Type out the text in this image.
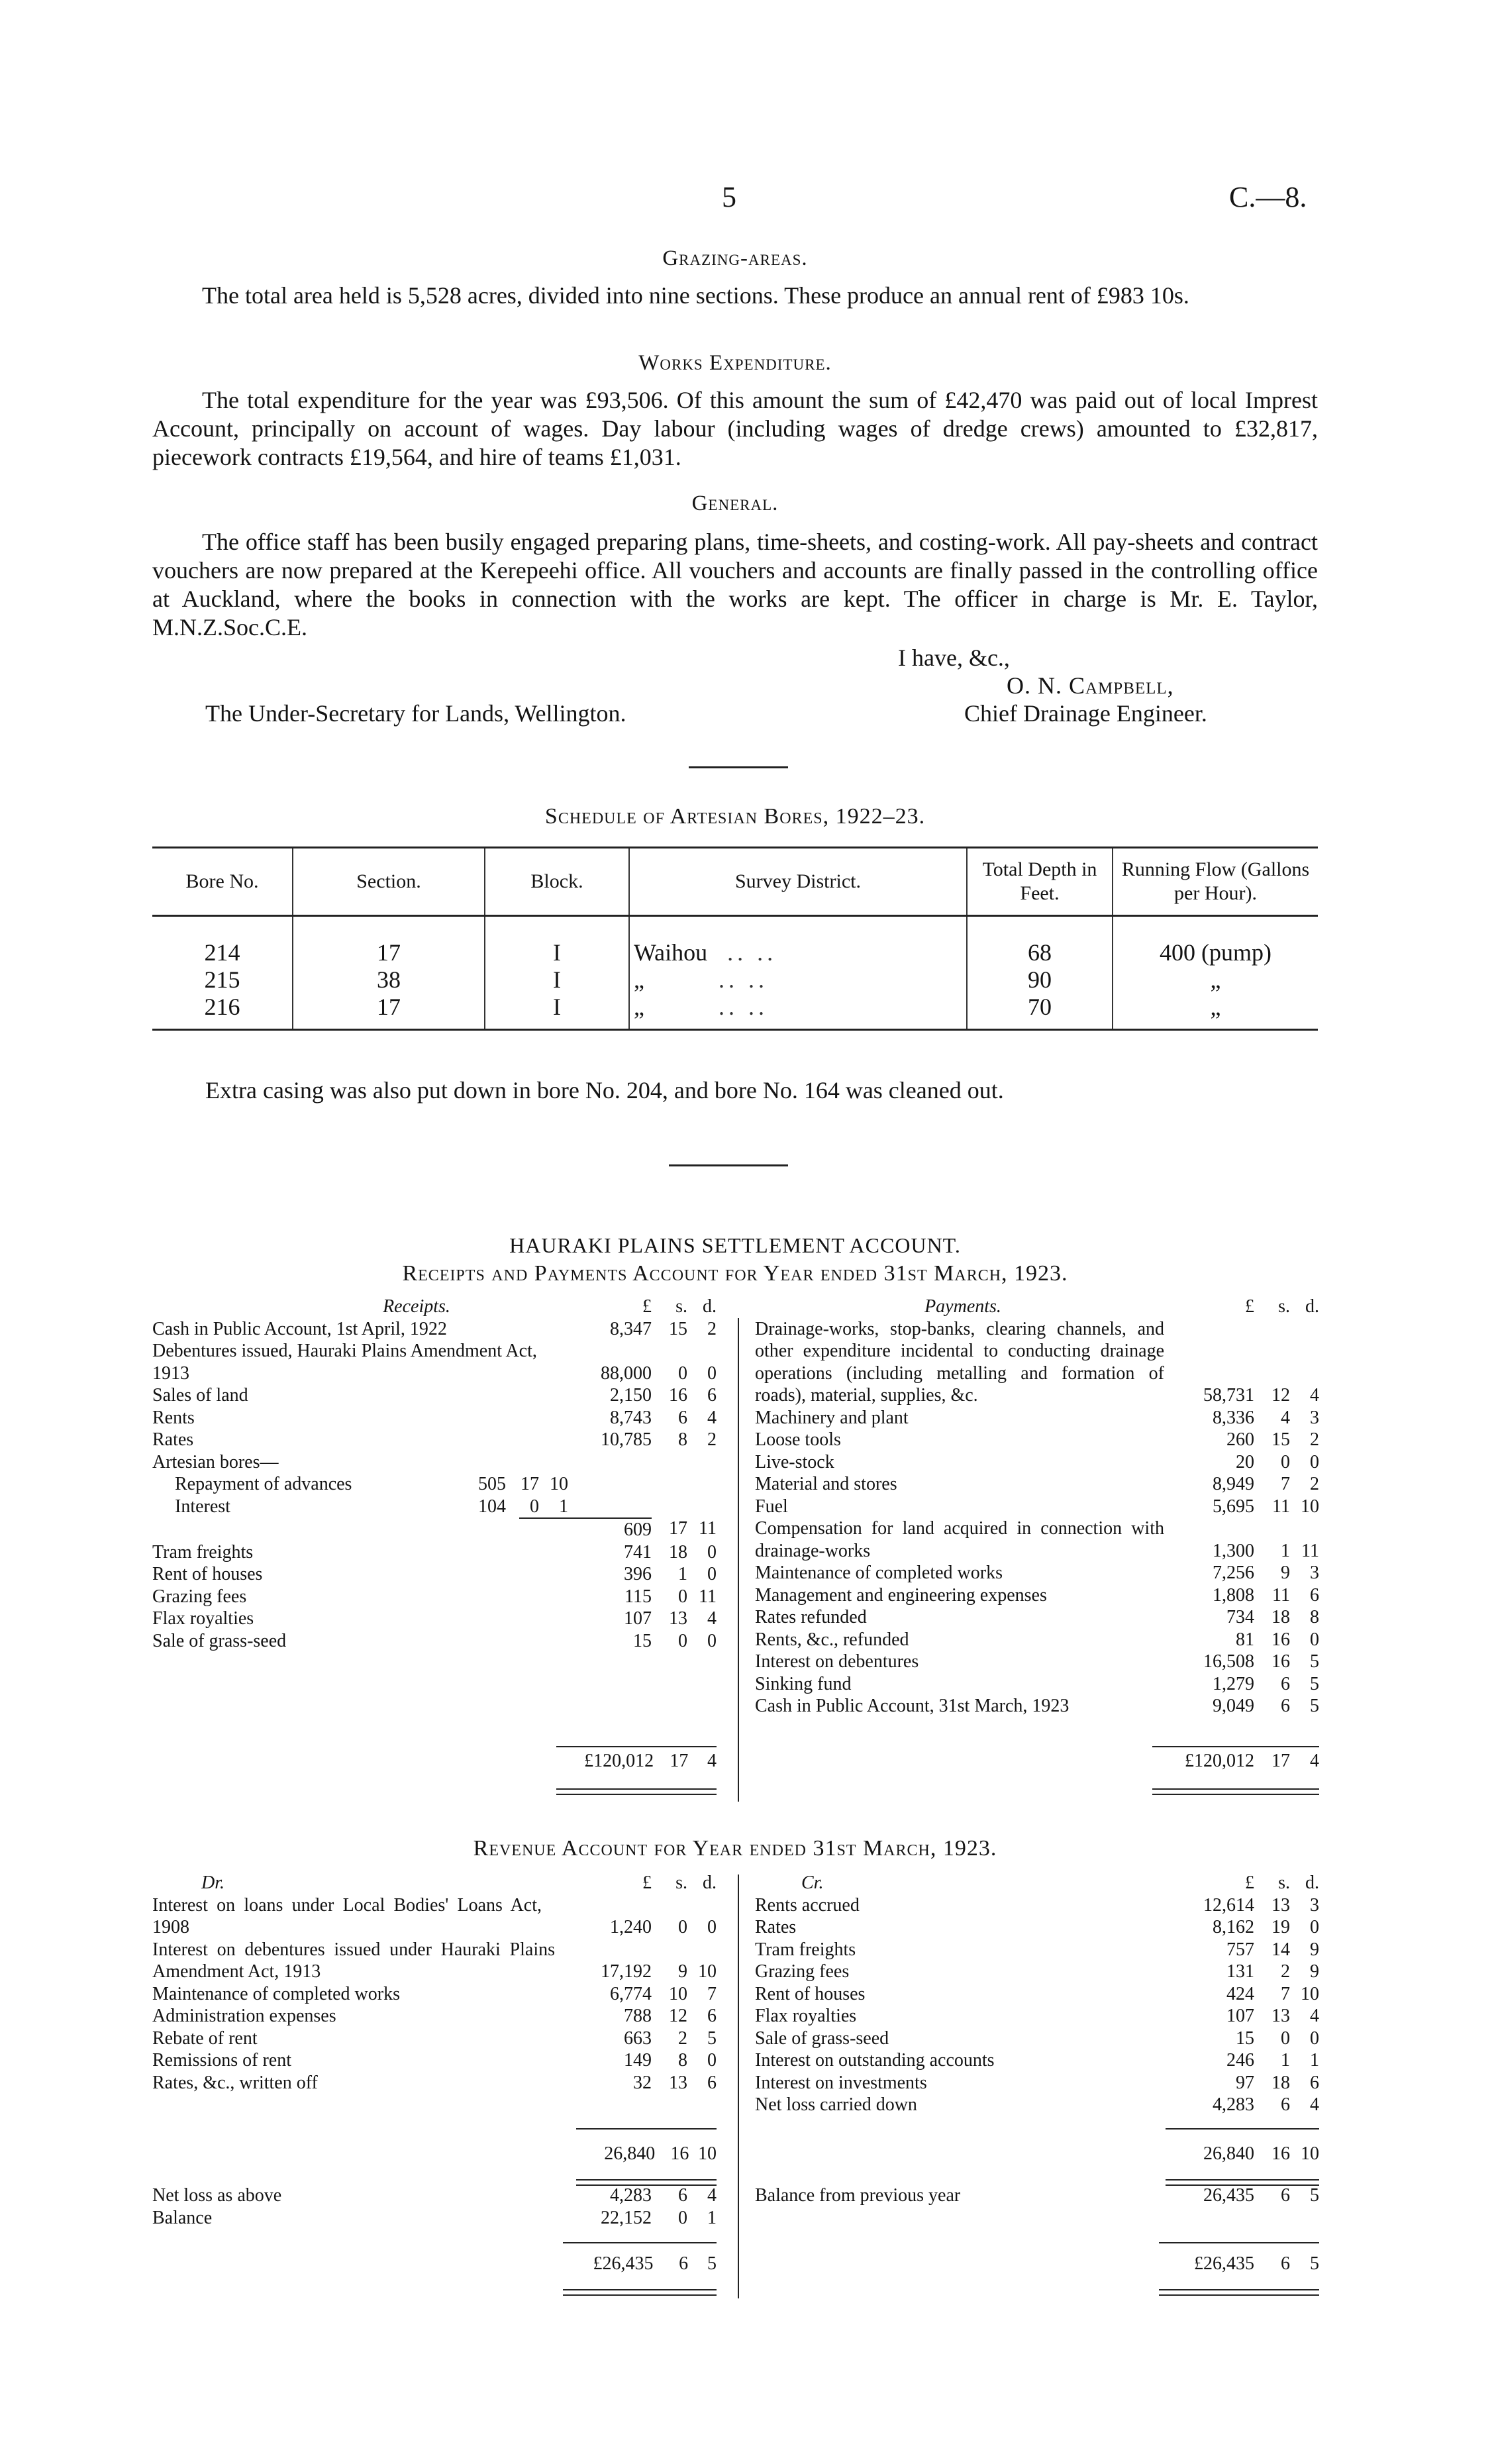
5	C.—8.
Grazing-areas.

The total area held is 5,528 acres, divided into nine sections. These produce an annual rent of £983 10s.

Works Expenditure.

The total expenditure for the year was £93,506. Of this amount the sum of £42,470 was paid out of local Imprest Account, principally on account of wages. Day labour (including wages of dredge crews) amounted to £32,817, piecework contracts £19,564, and hire of teams £1,031.

General.

The office staff has been busily engaged preparing plans, time-sheets, and costing-work. All pay-sheets and contract vouchers are now prepared at the Kerepeehi office. All vouchers and accounts are finally passed in the controlling office at Auckland, where the books in connection with the works are kept. The officer in charge is Mr. E. Taylor, M.N.Z.Soc.C.E.

I have, &c.,
O. N. Campbell,
Chief Drainage Engineer.
The Under-Secretary for Lands, Wellington.
Schedule of Artesian Bores, 1922–23.
Bore No.	Section.	Block.	Survey District.	Total Depth in Feet.	Running Flow (Gallons per Hour).
214	17	I	Waihou .. ..	68	400 (pump)
215	38	I	„ .. ..	90	„
216	17	I	„ .. ..	70	„
Extra casing was also put down in bore No. 204, and bore No. 164 was cleaned out.
HAURAKI PLAINS SETTLEMENT ACCOUNT.
Receipts and Payments Account for Year ended 31st March, 1923.
Receipts.	£	s. d.
Cash in Public Account, 1st April, 1922	8,347 15	2
Debentures issued, Hauraki Plains Amendment Act, 1913	88,000	0	0
Sales of land	2,150 16	6
Rents	8,743	6	4
Rates	10,785	8	2
Artesian bores—
Repayment of advances	505 17 10
Interest	104	0	1
609 17 11
Tram freights	741 18	0
Rent of houses	396	1	0
Grazing fees	115	0 11
Flax royalties	107 13	4
Sale of grass-seed	15	0	0
£120,012 17	4
Payments.	£	s. d.
Drainage-works, stop-banks, clearing channels, and other expenditure incidental to conducting drainage operations (including metalling and formation of roads), material, supplies, &c.	58,731 12	4
Machinery and plant	8,336	4	3
Loose tools	260 15	2
Live-stock	20	0	0
Material and stores	8,949	7	2
Fuel	5,695 11 10
Compensation for land acquired in connection with drainage-works	1,300	1 11
Maintenance of completed works	7,256	9	3
Management and engineering expenses	1,808 11	6
Rates refunded	734 18	8
Rents, &c., refunded	81 16	0
Interest on debentures	16,508 16	5
Sinking fund	1,279	6	5
Cash in Public Account, 31st March, 1923	9,049	6	5
£120,012 17	4
Revenue Account for Year ended 31st March, 1923.
Dr.	£	s. d.
Interest on loans under Local Bodies' Loans Act, 1908	1,240	0	0
Interest on debentures issued under Hauraki Plains Amendment Act, 1913	17,192	9 10
Maintenance of completed works	6,774 10	7
Administration expenses	788 12	6
Rebate of rent	663	2	5
Remissions of rent	149	8	0
Rates, &c., written off	32 13	6
26,840 16 10
Net loss as above	4,283	6	4
Balance	22,152	0	1
£26,435	6	5
Cr.	£	s. d.
Rents accrued	12,614 13	3
Rates	8,162 19	0
Tram freights	757 14	9
Grazing fees	131	2	9
Rent of houses	424	7 10
Flax royalties	107 13	4
Sale of grass-seed	15	0	0
Interest on outstanding accounts	246	1	1
Interest on investments	97 18	6
Net loss carried down	4,283	6	4
26,840 16 10
Balance from previous year	26,435	6	5
£26,435	6	5
